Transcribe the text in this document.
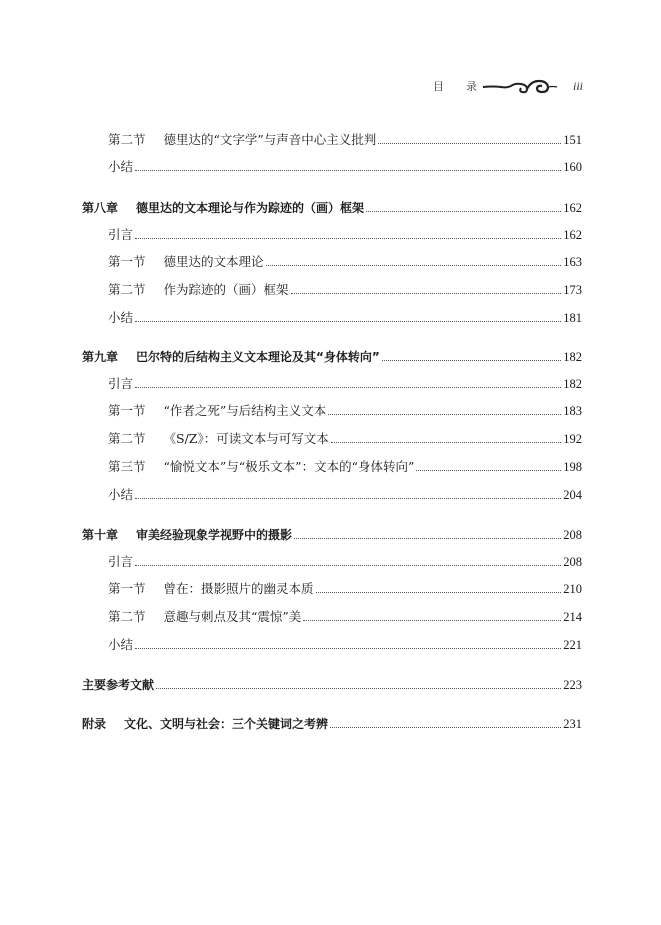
目 录	iii
第二节 德里达的“文字学”与声音中心主义批判	151
小结	160
第八章 德里达的文本理论与作为踪迹的（画）框架	162
引言	162
第一节 德里达的文本理论	163
第二节 作为踪迹的（画）框架	173
小结	181
第九章 巴尔特的后结构主义文本理论及其“身体转向”	182
引言	182
第一节 “作者之死”与后结构主义文本	183
第二节 《S/Z》：可读文本与可写文本	192
第三节 “愉悦文本”与“极乐文本”：文本的“身体转向”	198
小结	204
第十章 审美经验现象学视野中的摄影	208
引言	208
第一节 曾在：摄影照片的幽灵本质	210
第二节 意趣与刺点及其“震惊”美	214
小结	221
主要参考文献	223
附录 文化、文明与社会：三个关键词之考辨	231
